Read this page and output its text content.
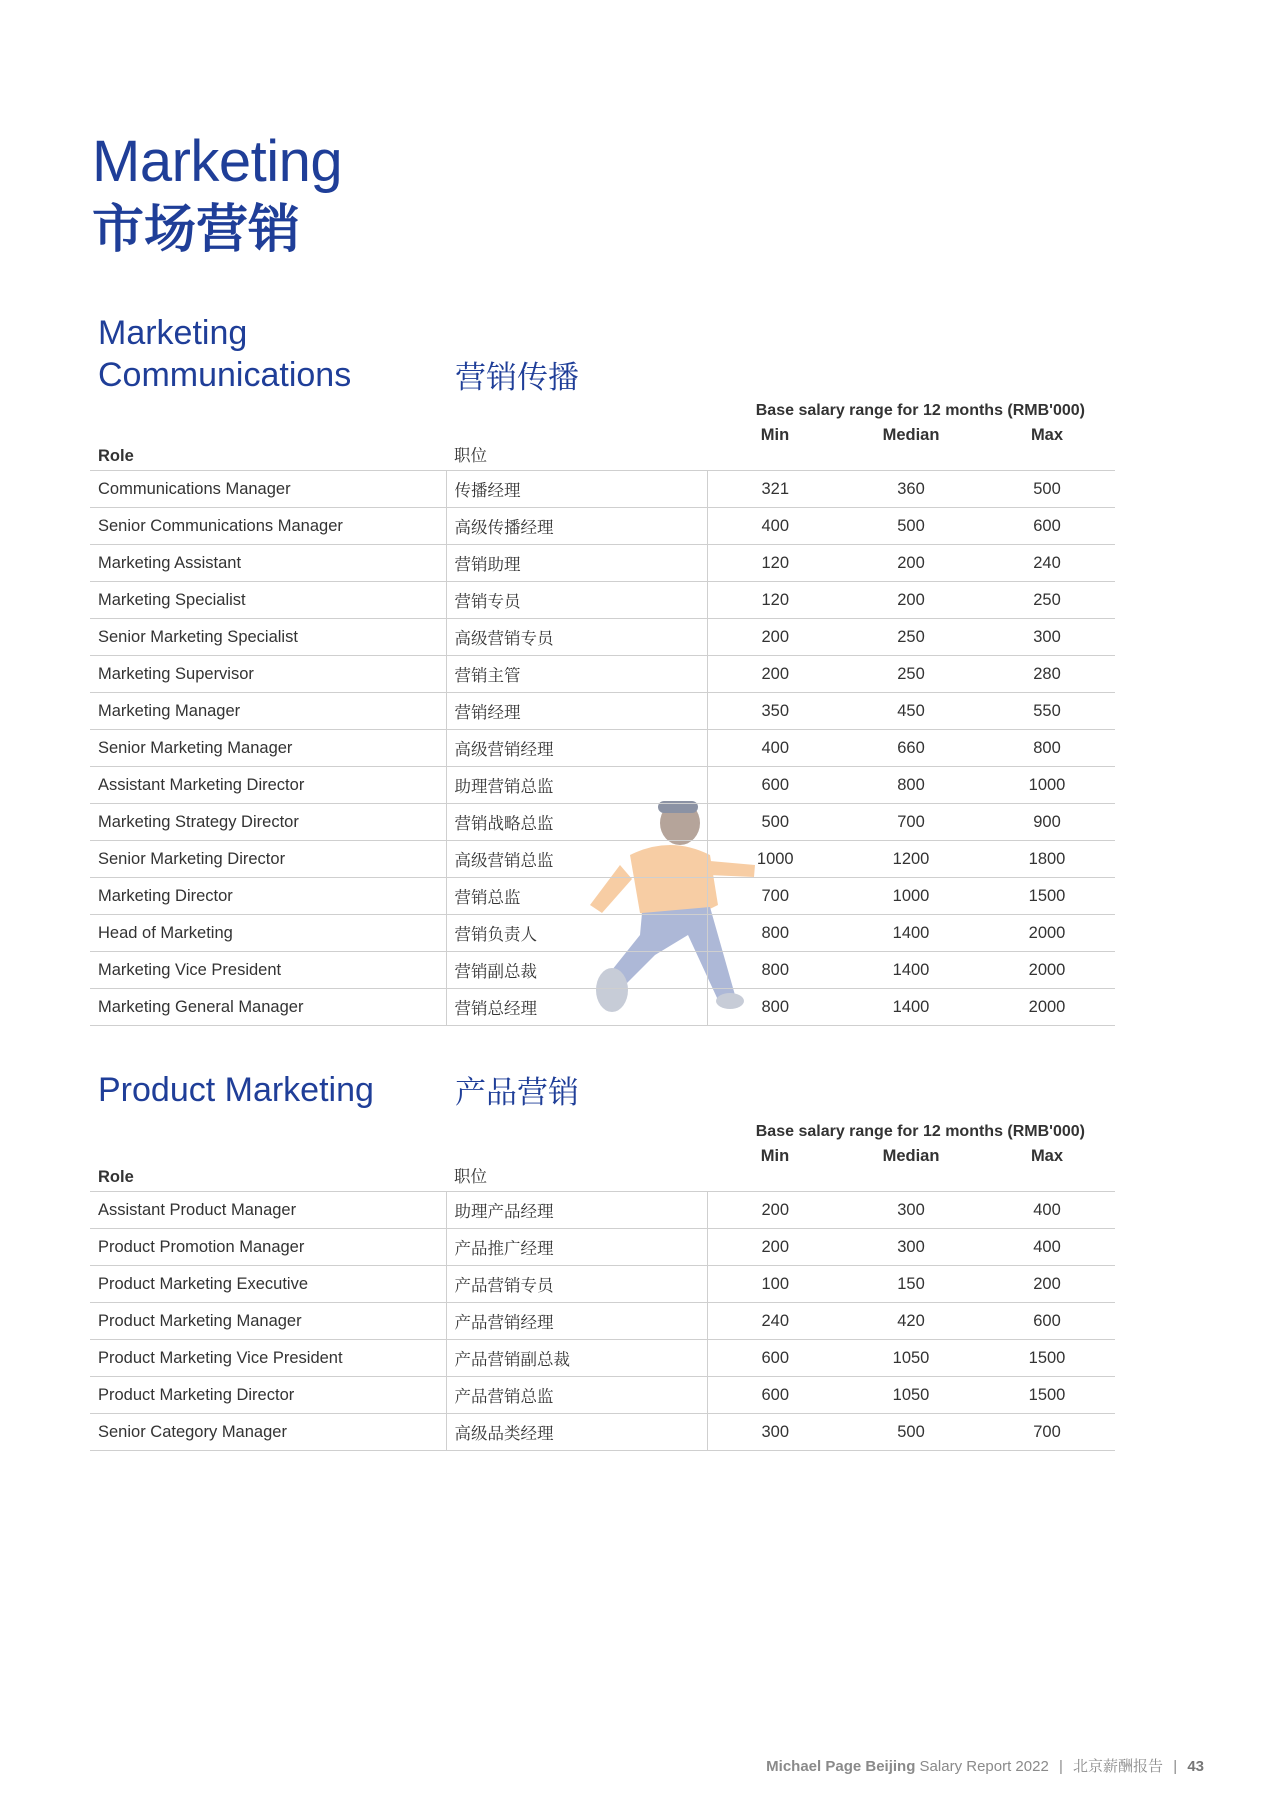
Marketing
市场营销
Marketing Communications	营销传播
Base salary range for 12 months (RMB'000)
Role	职位	Min	Median	Max
Communications Manager	传播经理	321	360	500
Senior Communications Manager	高级传播经理	400	500	600
Marketing Assistant	营销助理	120	200	240
Marketing Specialist	营销专员	120	200	250
Senior Marketing Specialist	高级营销专员	200	250	300
Marketing Supervisor	营销主管	200	250	280
Marketing Manager	营销经理	350	450	550
Senior Marketing Manager	高级营销经理	400	660	800
Assistant Marketing Director	助理营销总监	600	800	1000
Marketing Strategy Director	营销战略总监	500	700	900
Senior Marketing Director	高级营销总监	1000	1200	1800
Marketing Director	营销总监	700	1000	1500
Head of Marketing	营销负责人	800	1400	2000
Marketing Vice President	营销副总裁	800	1400	2000
Marketing General Manager	营销总经理	800	1400	2000
Product Marketing	产品营销
Base salary range for 12 months (RMB'000)
Role	职位	Min	Median	Max
Assistant Product Manager	助理产品经理	200	300	400
Product Promotion Manager	产品推广经理	200	300	400
Product Marketing Executive	产品营销专员	100	150	200
Product Marketing Manager	产品营销经理	240	420	600
Product Marketing Vice President	产品营销副总裁	600	1050	1500
Product Marketing Director	产品营销总监	600	1050	1500
Senior Category Manager	高级品类经理	300	500	700
Michael Page Beijing Salary Report 2022 | 北京薪酬报告 | 43
